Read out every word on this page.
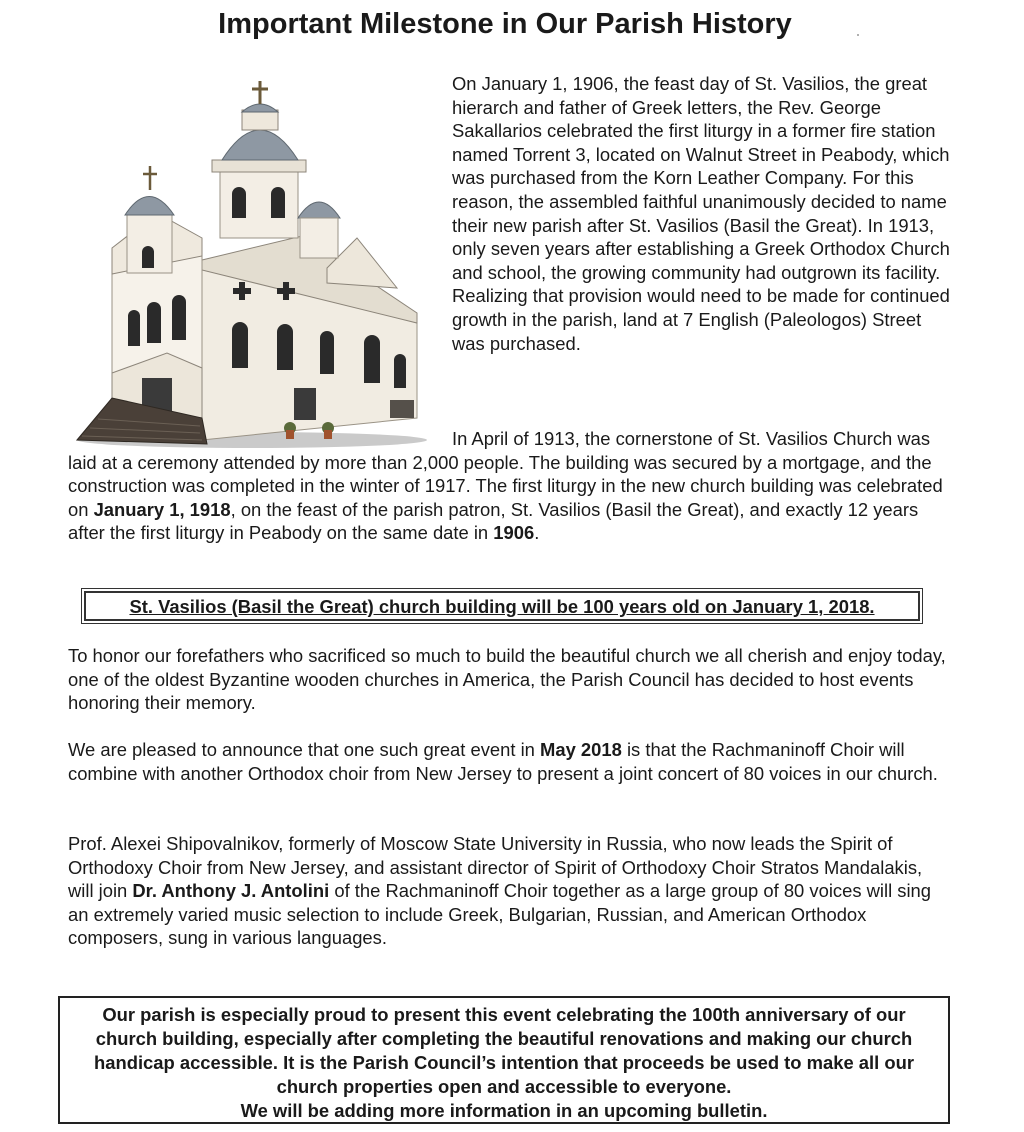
Important Milestone in Our Parish History
On January 1, 1906, the feast day of St. Vasilios, the great hierarch and father of Greek letters, the Rev. George Sakallarios celebrated the first liturgy in a former fire station named Torrent 3, located on Walnut Street in Peabody, which was purchased from the Korn Leather Company. For this reason, the assembled faithful unanimously decided to name their new parish after St. Vasilios (Basil the Great). In 1913, only seven years after establishing a Greek Orthodox Church and school, the growing community had outgrown its facility. Realizing that provision would need to be made for continued growth in the parish, land at 7 English (Paleologos) Street was purchased.
In April of 1913, the cornerstone of St. Vasilios Church was laid at a ceremony attended by more than 2,000 people. The building was secured by a mortgage, and the construction was completed in the winter of 1917. The first liturgy in the new church building was celebrated on January 1, 1918, on the feast of the parish patron, St. Vasilios (Basil the Great), and exactly 12 years after the first liturgy in Peabody on the same date in 1906.
St. Vasilios (Basil the Great) church building will be 100 years old on January 1, 2018.
To honor our forefathers who sacrificed so much to build the beautiful church we all cherish and enjoy today, one of the oldest Byzantine wooden churches in America, the Parish Council has decided to host events honoring their memory.
We are pleased to announce that one such great event in May 2018 is that the Rachmaninoff Choir will combine with another Orthodox choir from New Jersey to present a joint concert of 80 voices in our church.
Prof. Alexei Shipovalnikov, formerly of Moscow State University in Russia, who now leads the Spirit of Orthodoxy Choir from New Jersey, and assistant director of Spirit of Orthodoxy Choir Stratos Mandalakis, will join Dr. Anthony J. Antolini of the Rachmaninoff Choir together as a large group of 80 voices will sing an extremely varied music selection to include Greek, Bulgarian, Russian, and American Orthodox composers, sung in various languages.
Our parish is especially proud to present this event celebrating the 100th anniversary of our church building, especially after completing the beautiful renovations and making our church handicap accessible. It is the Parish Council’s intention that proceeds be used to make all our church properties open and accessible to everyone.
We will be adding more information in an upcoming bulletin.
